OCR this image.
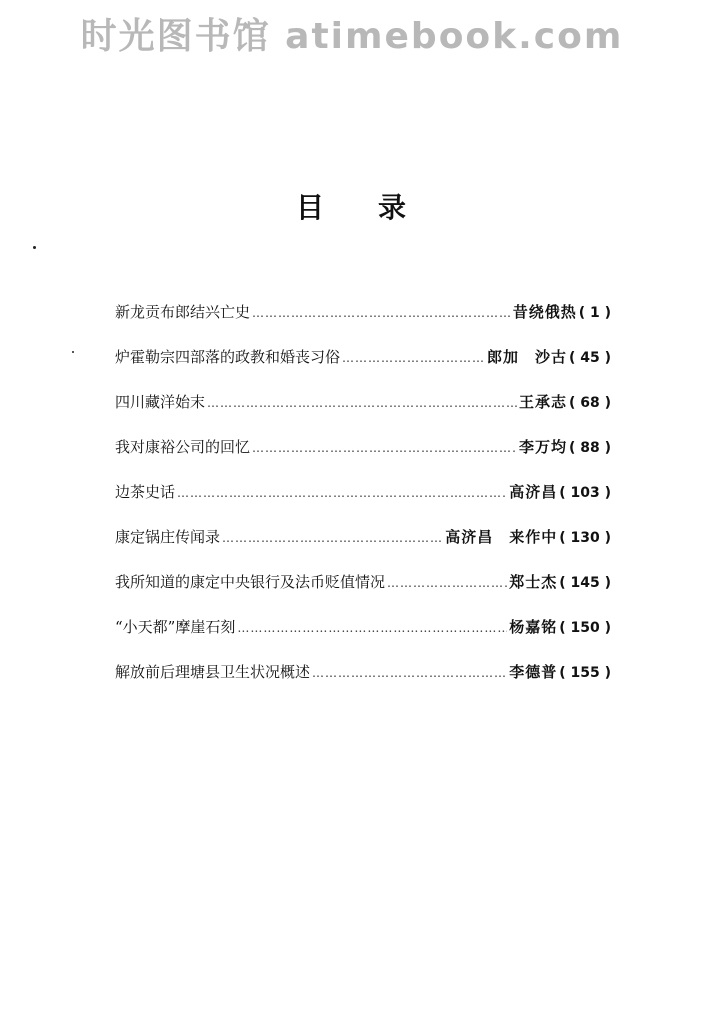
时光图书馆 atimebook.com
目 录
新龙贡布郎结兴亡史 ……………………………………………………………………………………………………………………	昔绕俄热 ( 1 )
炉霍勒宗四部落的政教和婚丧习俗 ……………………………………………………………………………………………………………………	郎加　沙古 ( 45 )
四川藏洋始末 ……………………………………………………………………………………………………………………	王承志 ( 68 )
我对康裕公司的回忆 ……………………………………………………………………………………………………………………	李万均 ( 88 )
边茶史话 ……………………………………………………………………………………………………………………	高济昌 ( 103 )
康定锅庄传闻录 ……………………………………………………………………………………………………………………	高济昌　来作中 ( 130 )
我所知道的康定中央银行及法币贬值情况 ……………………………………………………………………………………………………………………	郑士杰 ( 145 )
“小天都”摩崖石刻 ……………………………………………………………………………………………………………………	杨嘉铭 ( 150 )
解放前后理塘县卫生状况概述 ……………………………………………………………………………………………………………………	李德普 ( 155 )
